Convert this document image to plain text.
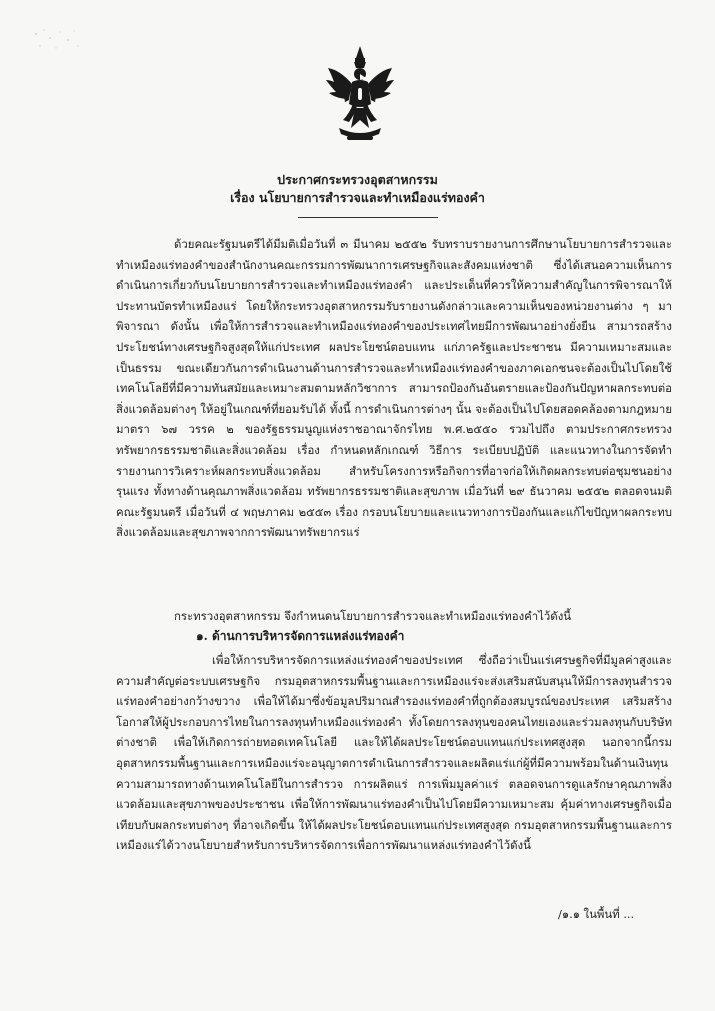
ประกาศกระทรวงอุตสาหกรรม
เรื่อง นโยบายการสำรวจและทำเหมืองแร่ทองคำ
ด้วยคณะรัฐมนตรีได้มีมติเมื่อวันที่ ๓ มีนาคม ๒๕๕๒ รับทราบรายงานการศึกษานโยบายการสำรวจและทำเหมืองแร่ทองคำของสำนักงานคณะกรรมการพัฒนาการเศรษฐกิจและสังคมแห่งชาติ ซึ่งได้เสนอความเห็นการดำเนินการเกี่ยวกับนโยบายการสำรวจและทำเหมืองแร่ทองคำ และประเด็นที่ควรให้ความสำคัญในการพิจารณาให้ประทานบัตรทำเหมืองแร่ โดยให้กระทรวงอุตสาหกรรมรับรายงานดังกล่าวและความเห็นของหน่วยงานต่าง ๆ มาพิจารณา ดังนั้น เพื่อให้การสำรวจและทำเหมืองแร่ทองคำของประเทศไทยมีการพัฒนาอย่างยั่งยืน สามารถสร้างประโยชน์ทางเศรษฐกิจสูงสุดให้แก่ประเทศ ผลประโยชน์ตอบแทน แก่ภาครัฐและประชาชน มีความเหมาะสมและเป็นธรรม ขณะเดียวกันการดำเนินงานด้านการสำรวจและทำเหมืองแร่ทองคำของภาคเอกชนจะต้องเป็นไปโดยใช้เทคโนโลยีที่มีความทันสมัยและเหมาะสมตามหลักวิชาการ สามารถป้องกันอันตรายและป้องกันปัญหาผลกระทบต่อสิ่งแวดล้อมต่างๆ ให้อยู่ในเกณฑ์ที่ยอมรับได้ ทั้งนี้ การดำเนินการต่างๆ นั้น จะต้องเป็นไปโดยสอดคล้องตามกฎหมาย มาตรา ๖๗ วรรค ๒ ของรัฐธรรมนูญแห่งราชอาณาจักรไทย พ.ศ.๒๕๕๐ รวมไปถึง ตามประกาศกระทรวงทรัพยากรธรรมชาติและสิ่งแวดล้อม เรื่อง กำหนดหลักเกณฑ์ วิธีการ ระเบียบปฏิบัติ และแนวทางในการจัดทำรายงานการวิเคราะห์ผลกระทบสิ่งแวดล้อม สำหรับโครงการหรือกิจการที่อาจก่อให้เกิดผลกระทบต่อชุมชนอย่างรุนแรง ทั้งทางด้านคุณภาพสิ่งแวดล้อม ทรัพยากรธรรมชาติและสุขภาพ เมื่อวันที่ ๒๙ ธันวาคม ๒๕๕๒ ตลอดจนมติคณะรัฐมนตรี เมื่อวันที่ ๔ พฤษภาคม ๒๕๕๓ เรื่อง กรอบนโยบายและแนวทางการป้องกันและแก้ไขปัญหาผลกระทบสิ่งแวดล้อมและสุขภาพจากการพัฒนาทรัพยากรแร่
กระทรวงอุตสาหกรรม จึงกำหนดนโยบายการสำรวจและทำเหมืองแร่ทองคำไว้ดังนี้
๑. ด้านการบริหารจัดการแหล่งแร่ทองคำ
เพื่อให้การบริหารจัดการแหล่งแร่ทองคำของประเทศ ซึ่งถือว่าเป็นแร่เศรษฐกิจที่มีมูลค่าสูงและความสำคัญต่อระบบเศรษฐกิจ กรมอุตสาหกรรมพื้นฐานและการเหมืองแร่จะส่งเสริมสนับสนุนให้มีการลงทุนสำรวจแร่ทองคำอย่างกว้างขวาง เพื่อให้ได้มาซึ่งข้อมูลปริมาณสำรองแร่ทองคำที่ถูกต้องสมบูรณ์ของประเทศ เสริมสร้างโอกาสให้ผู้ประกอบการไทยในการลงทุนทำเหมืองแร่ทองคำ ทั้งโดยการลงทุนของคนไทยเองและร่วมลงทุนกับบริษัทต่างชาติ เพื่อให้เกิดการถ่ายทอดเทคโนโลยี และให้ได้ผลประโยชน์ตอบแทนแก่ประเทศสูงสุด นอกจากนี้กรมอุตสาหกรรมพื้นฐานและการเหมืองแร่จะอนุญาตการดำเนินการสำรวจและผลิตแร่แก่ผู้ที่มีความพร้อมในด้านเงินทุน ความสามารถทางด้านเทคโนโลยีในการสำรวจ การผลิตแร่ การเพิ่มมูลค่าแร่ ตลอดจนการดูแลรักษาคุณภาพสิ่งแวดล้อมและสุขภาพของประชาชน เพื่อให้การพัฒนาแร่ทองคำเป็นไปโดยมีความเหมาะสม คุ้มค่าทางเศรษฐกิจเมื่อเทียบกับผลกระทบต่างๆ ที่อาจเกิดขึ้น ให้ได้ผลประโยชน์ตอบแทนแก่ประเทศสูงสุด กรมอุตสาหกรรมพื้นฐานและการเหมืองแร่ได้วางนโยบายสำหรับการบริหารจัดการเพื่อการพัฒนาแหล่งแร่ทองคำไว้ดังนี้
/๑.๑ ในพื้นที่ ...
